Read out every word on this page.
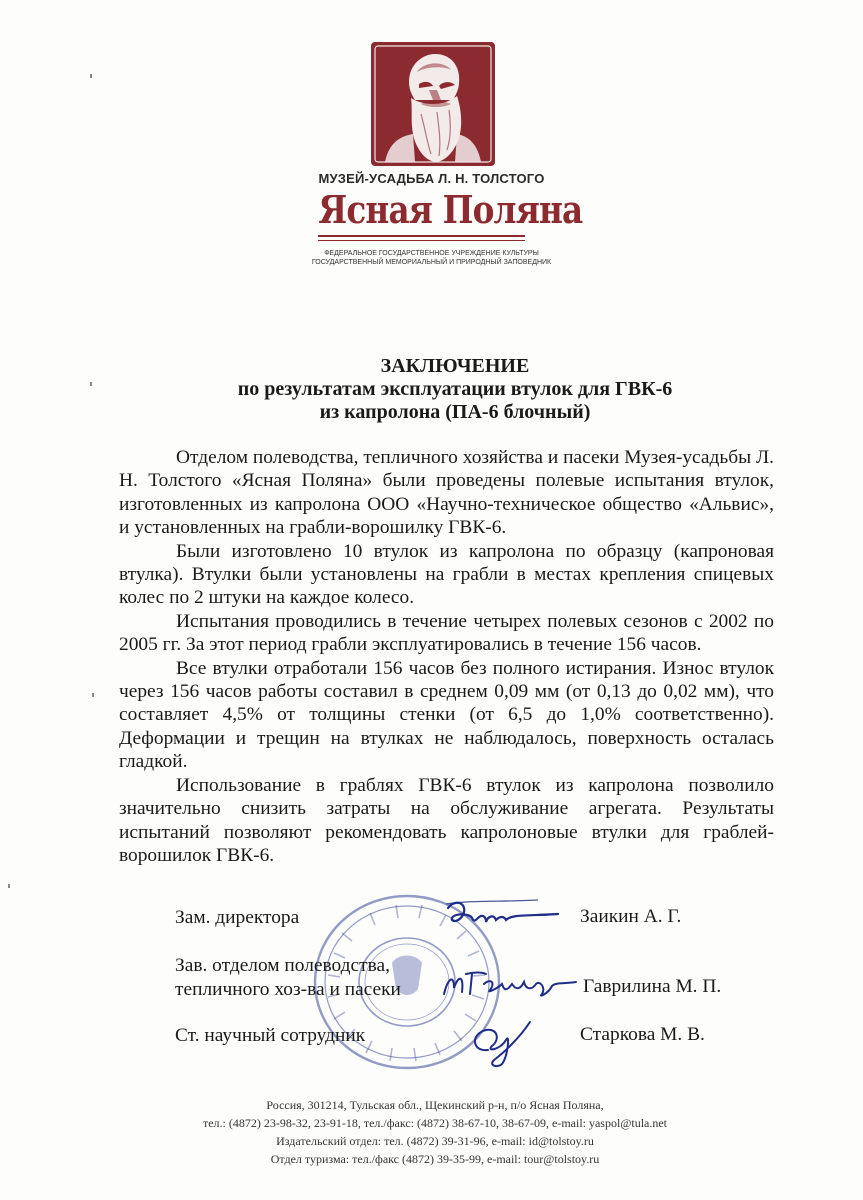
МУЗЕЙ-УСАДЬБА Л. Н. ТОЛСТОГО
Ясная Поляна
ФЕДЕРАЛЬНОЕ ГОСУДАРСТВЕННОЕ УЧРЕЖДЕНИЕ КУЛЬТУРЫ
ГОСУДАРСТВЕННЫЙ МЕМОРИАЛЬНЫЙ И ПРИРОДНЫЙ ЗАПОВЕДНИК
ЗАКЛЮЧЕНИЕ
по результатам эксплуатации втулок для ГВК-6
из капролона (ПА-6 блочный)

Отделом полеводства, тепличного хозяйства и пасеки Музея-усадьбы Л. Н. Толстого «Ясная Поляна» были проведены полевые испытания втулок, изготовленных из капролона ООО «Научно-техническое общество «Альвис», и установленных на грабли-ворошилку ГВК-6.

Были изготовлено 10 втулок из капролона по образцу (капроновая втулка). Втулки были установлены на грабли в местах крепления спицевых колес по 2 штуки на каждое колесо.

Испытания проводились в течение четырех полевых сезонов с 2002 по 2005 гг. За этот период грабли эксплуатировались в течение 156 часов.

Все втулки отработали 156 часов без полного истирания. Износ втулок через 156 часов работы составил в среднем 0,09 мм (от 0,13 до 0,02 мм), что составляет 4,5% от толщины стенки (от 6,5 до 1,0% соответственно). Деформации и трещин на втулках не наблюдалось, поверхность осталась гладкой.

Использование в граблях ГВК-6 втулок из капролона позволило значительно снизить затраты на обслуживание агрегата. Результаты испытаний позволяют рекомендовать капролоновые втулки для граблей-ворошилок ГВК-6.

Зам. директора	Заикин А. Г.
Зав. отделом полеводства,
тепличного хоз-ва и пасеки	Гаврилина М. П.
Ст. научный сотрудник	Старкова М. В.
Россия, 301214, Тульская обл., Щекинский р-н, п/о Ясная Поляна,
тел.: (4872) 23-98-32, 23-91-18, тел./факс: (4872) 38-67-10, 38-67-09, e-mail: yaspol@tula.net
Издательский отдел: тел. (4872) 39-31-96, e-mail: id@tolstoy.ru
Отдел туризма: тел./факс (4872) 39-35-99, e-mail: tour@tolstoy.ru
